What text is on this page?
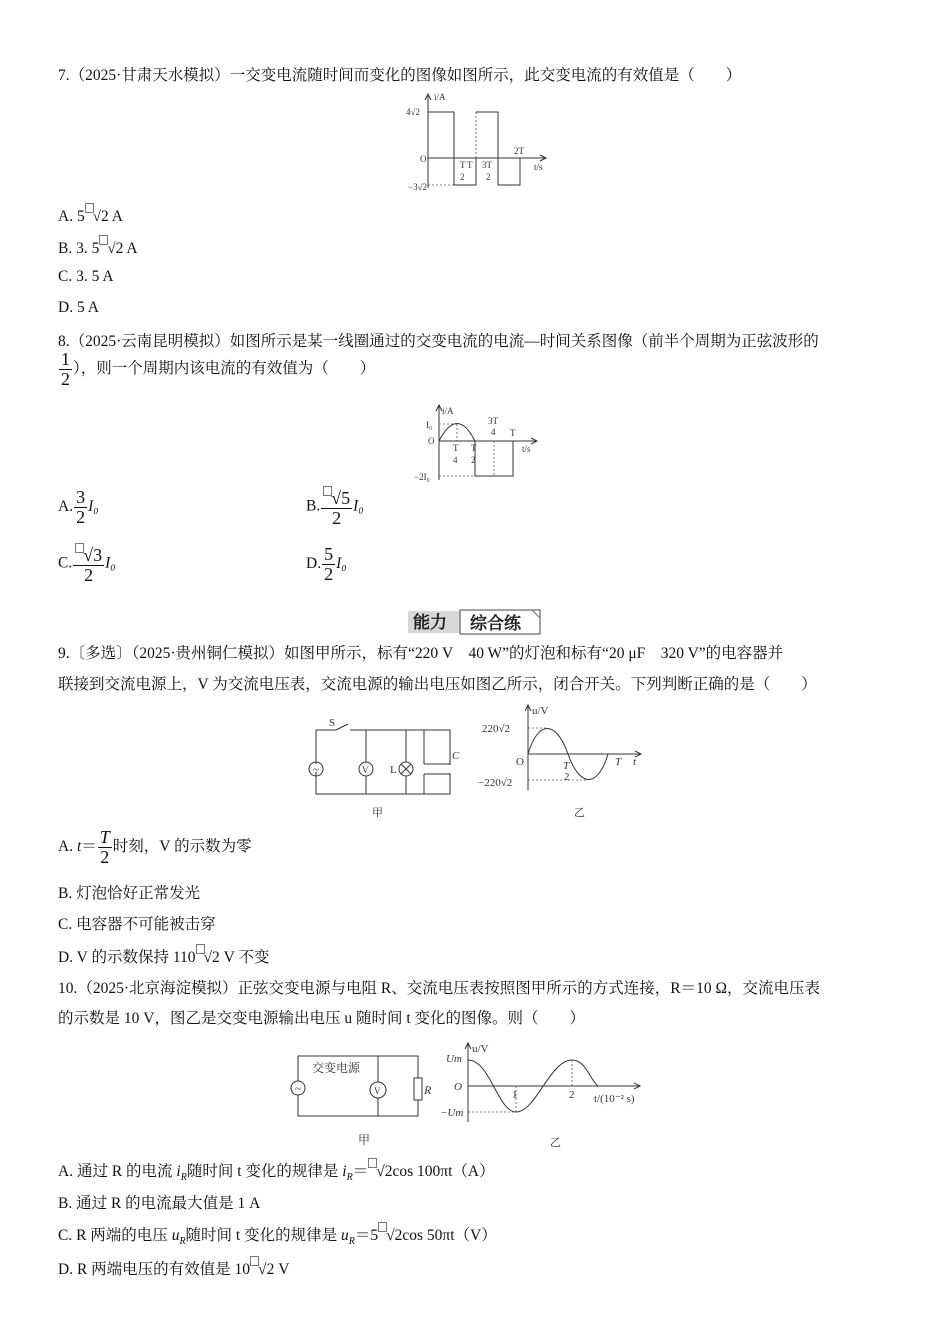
7.（2025·甘肃天水模拟）一交变电流随时间而变化的图像如图所示，此交变电流的有效值是（　　）
i/A
4√2
−3√2
O
T
2
T 3T
2
2T
t/s
A. 5 √2 A
B. 3. 5 √2 A
C. 3. 5 A
D. 5 A
8.（2025·云南昆明模拟）如图所示是某一线圈通过的交变电流的电流—时间关系图像（前半个周期为正弦波形的
$\frac{1}{2}$ ），则一个周期内该电流的有效值为（　　）
i/A
I₀
O
−2I₀
T
4
T
2
3T
4 T
t/s
A. $\frac{3}{2} I_0$	B. $\frac{√5}{2} I_0$
C. $\frac{√3}{2} I_0$	D. $\frac{5}{2} I_0$
能力 综合练
9.〔多选〕（2025·贵州铜仁模拟）如图甲所示，标有“220 V　40 W”的灯泡和标有“20 μF　320 V”的电容器并
联接到交流电源上，V 为交流电压表，交流电源的输出电压如图乙所示，闭合开关。下列判断正确的是（　　）
~
S
V L
C
甲
u/V
220√2
−220√2
O	T
2
T t
乙
A. $t= \frac{T}{2}$ 时刻，V 的示数为零
B. 灯泡恰好正常发光
C. 电容器不可能被击穿
D. V 的示数保持 110 √2 V 不变
10.（2025·北京海淀模拟）正弦交变电源与电阻 R、交流电压表按照图甲所示的方式连接，R＝10 Ω，交流电压表
的示数是 10 V，图乙是交变电源输出电压 u 随时间 t 变化的图像。则（　　）
~
交变电源
V	R
甲
u/V
Um
O
−Um
1	2 t/(10⁻² s)
乙
A. 通过 R 的电流 $i_R$随时间 t 变化的规律是 $i_R= √2\cos$ 100πt（A）
B. 通过 R 的电流最大值是 1 A
C. R 两端的电压 $u_R$随时间 t 变化的规律是 $u_R=5$ √2cos 50πt（V）
D. R 两端电压的有效值是 10 √2 V
